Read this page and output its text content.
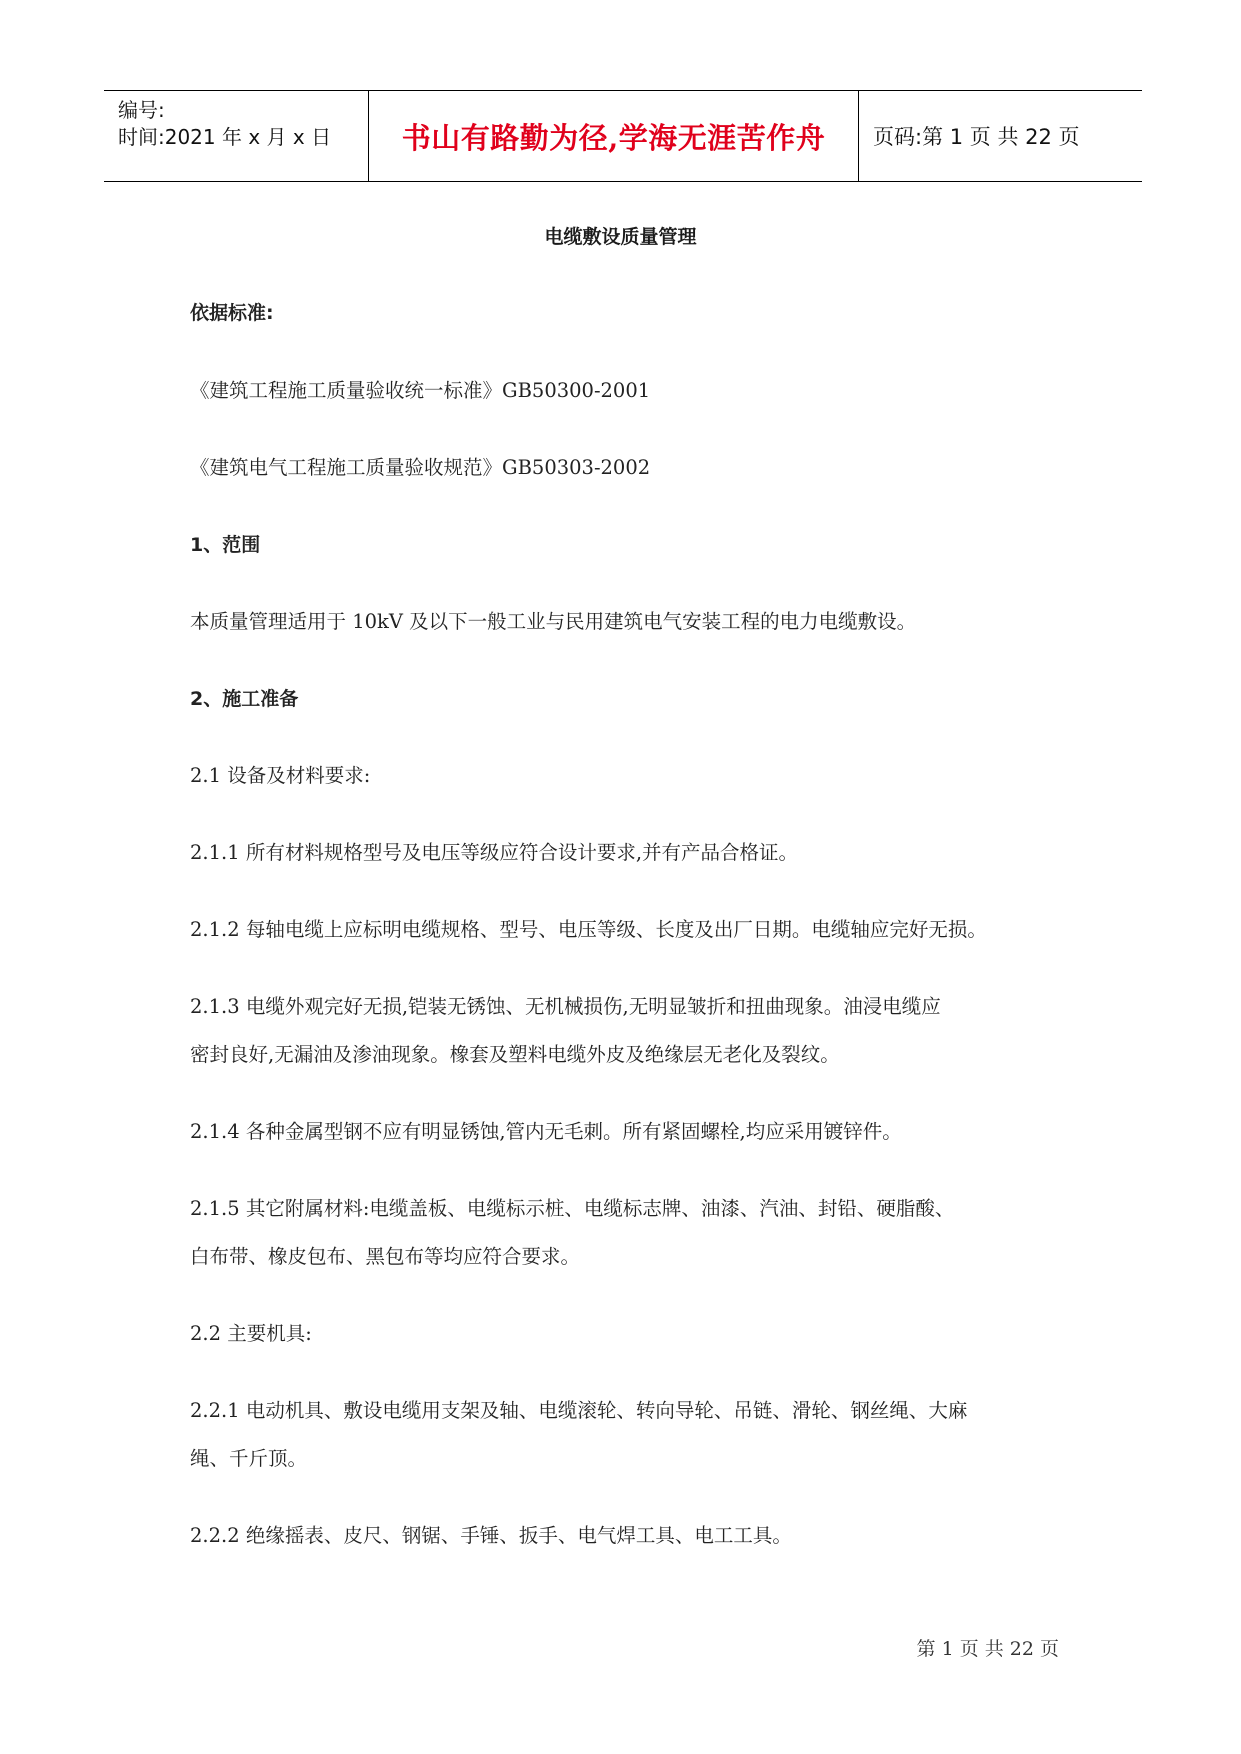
编号:
时间:2021 年 x 月 x 日 书山有路勤为径,学海无涯苦作舟 页码:第 1 页 共 22 页
电缆敷设质量管理
依据标准:
《建筑工程施工质量验收统一标准》GB50300-2001
《建筑电气工程施工质量验收规范》GB50303-2002
1、范围
本质量管理适用于 10kV 及以下一般工业与民用建筑电气安装工程的电力电缆敷设。
2、施工准备
2.1 设备及材料要求:
2.1.1 所有材料规格型号及电压等级应符合设计要求,并有产品合格证。
2.1.2 每轴电缆上应标明电缆规格、型号、电压等级、长度及出厂日期。电缆轴应完好无损。
2.1.3 电缆外观完好无损,铠装无锈蚀、无机械损伤,无明显皱折和扭曲现象。油浸电缆应
密封良好,无漏油及渗油现象。橡套及塑料电缆外皮及绝缘层无老化及裂纹。
2.1.4 各种金属型钢不应有明显锈蚀,管内无毛刺。所有紧固螺栓,均应采用镀锌件。
2.1.5 其它附属材料:电缆盖板、电缆标示桩、电缆标志牌、油漆、汽油、封铅、硬脂酸、
白布带、橡皮包布、黑包布等均应符合要求。
2.2 主要机具:
2.2.1 电动机具、敷设电缆用支架及轴、电缆滚轮、转向导轮、吊链、滑轮、钢丝绳、大麻
绳、千斤顶。
2.2.2 绝缘摇表、皮尺、钢锯、手锤、扳手、电气焊工具、电工工具。
第 1 页 共 22 页
